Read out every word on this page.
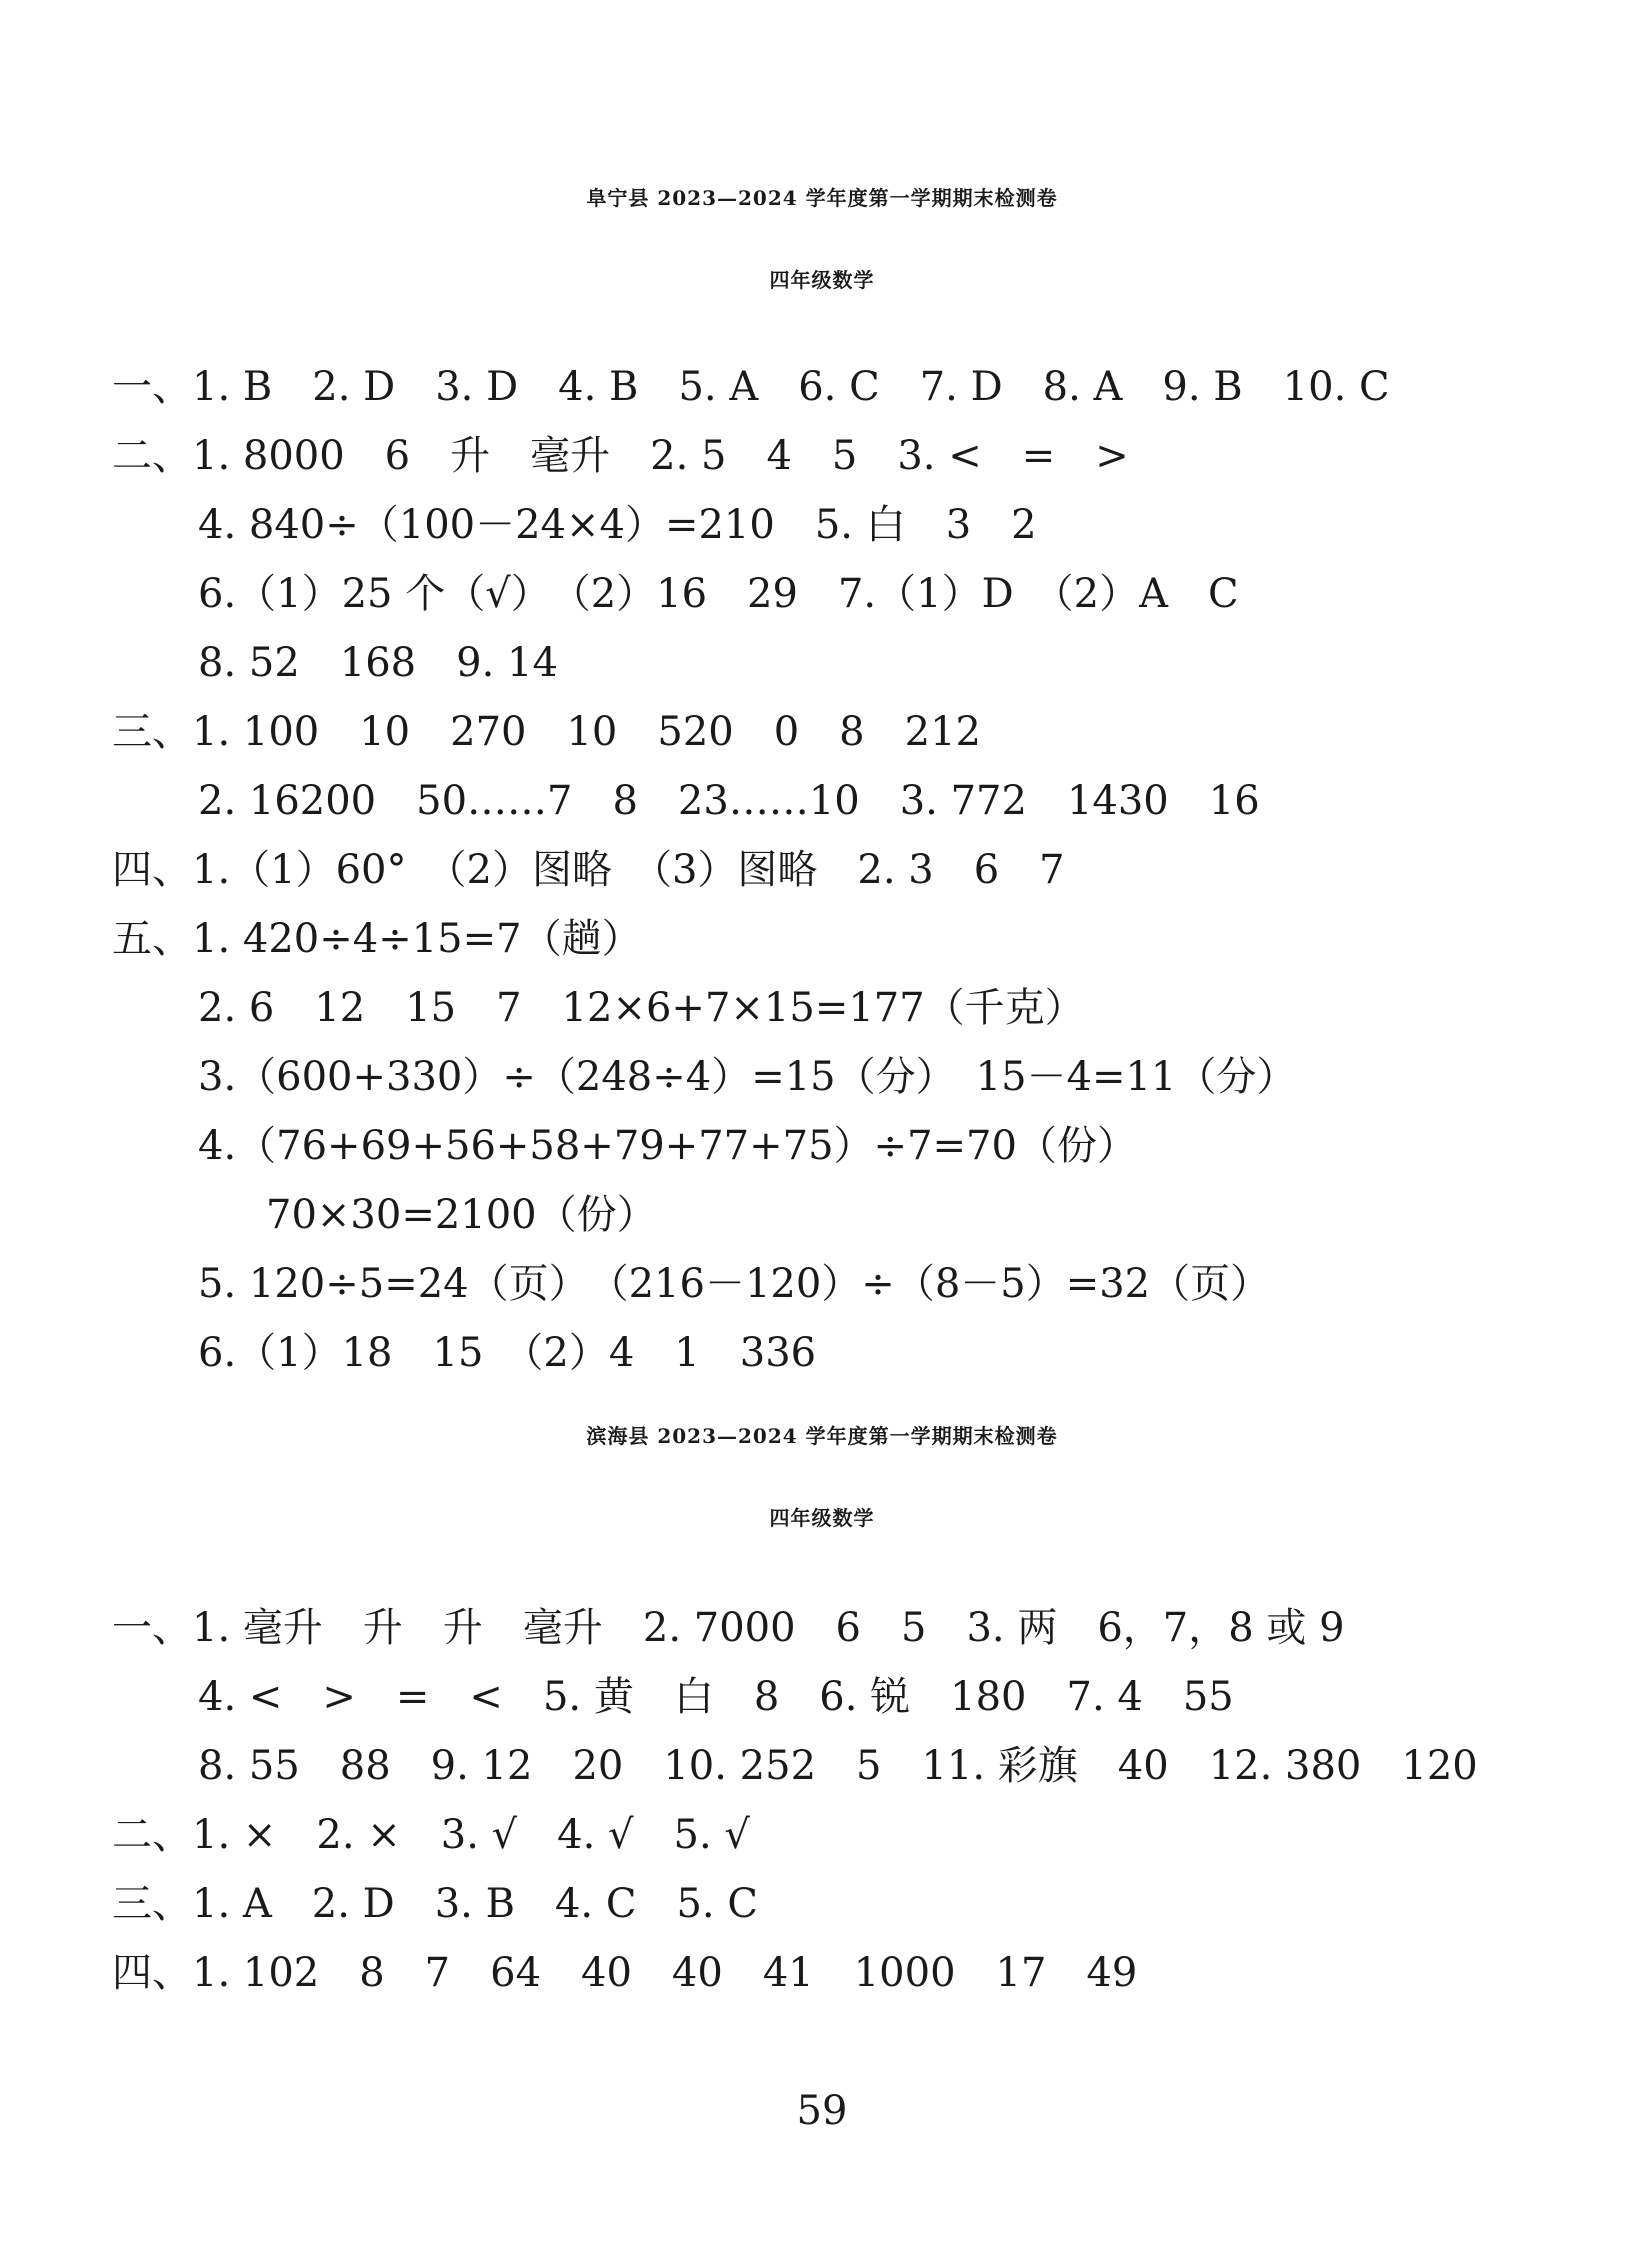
阜宁县 2023—2024 学年度第一学期期末检测卷
四年级数学
一、1. B　2. D　3. D　4. B　5. A　6. C　7. D　8. A　9. B　10. C
二、1. 8000　6　升　毫升　2. 5　4　5　3. <　=　>
4. 840÷（100－24×4）=210　5. 白　3　2
6.（1）25 个（√）　（2）16　29　7.（1）D　（2）A　C
8. 52　168　9. 14
三、1. 100　10　270　10　520　0　8　212
2. 16200　50……7　8　23……10　3. 772　1430　16
四、1.（1）60°　（2）图略　（3）图略　2. 3　6　7
五、1. 420÷4÷15=7（趟）
2. 6　12　15　7　12×6+7×15=177（千克）
3.（600+330）÷（248÷4）=15（分）　15－4=11（分）
4.（76+69+56+58+79+77+75）÷7=70（份）
70×30=2100（份）
5. 120÷5=24（页）　（216－120）÷（8－5）=32（页）
6.（1）18　15　（2）4　1　336
滨海县 2023—2024 学年度第一学期期末检测卷
四年级数学
一、1. 毫升　升　升　毫升　2. 7000　6　5　3. 两　6，7，8 或 9
4. <　>　=　<　5. 黄　白　8　6. 锐　180　7. 4　55
8. 55　88　9. 12　20　10. 252　5　11. 彩旗　40　12. 380　120
二、1. ×　2. ×　3. √　4. √　5. √
三、1. A　2. D　3. B　4. C　5. C
四、1. 102　8　7　64　40　40　41　1000　17　49
59
